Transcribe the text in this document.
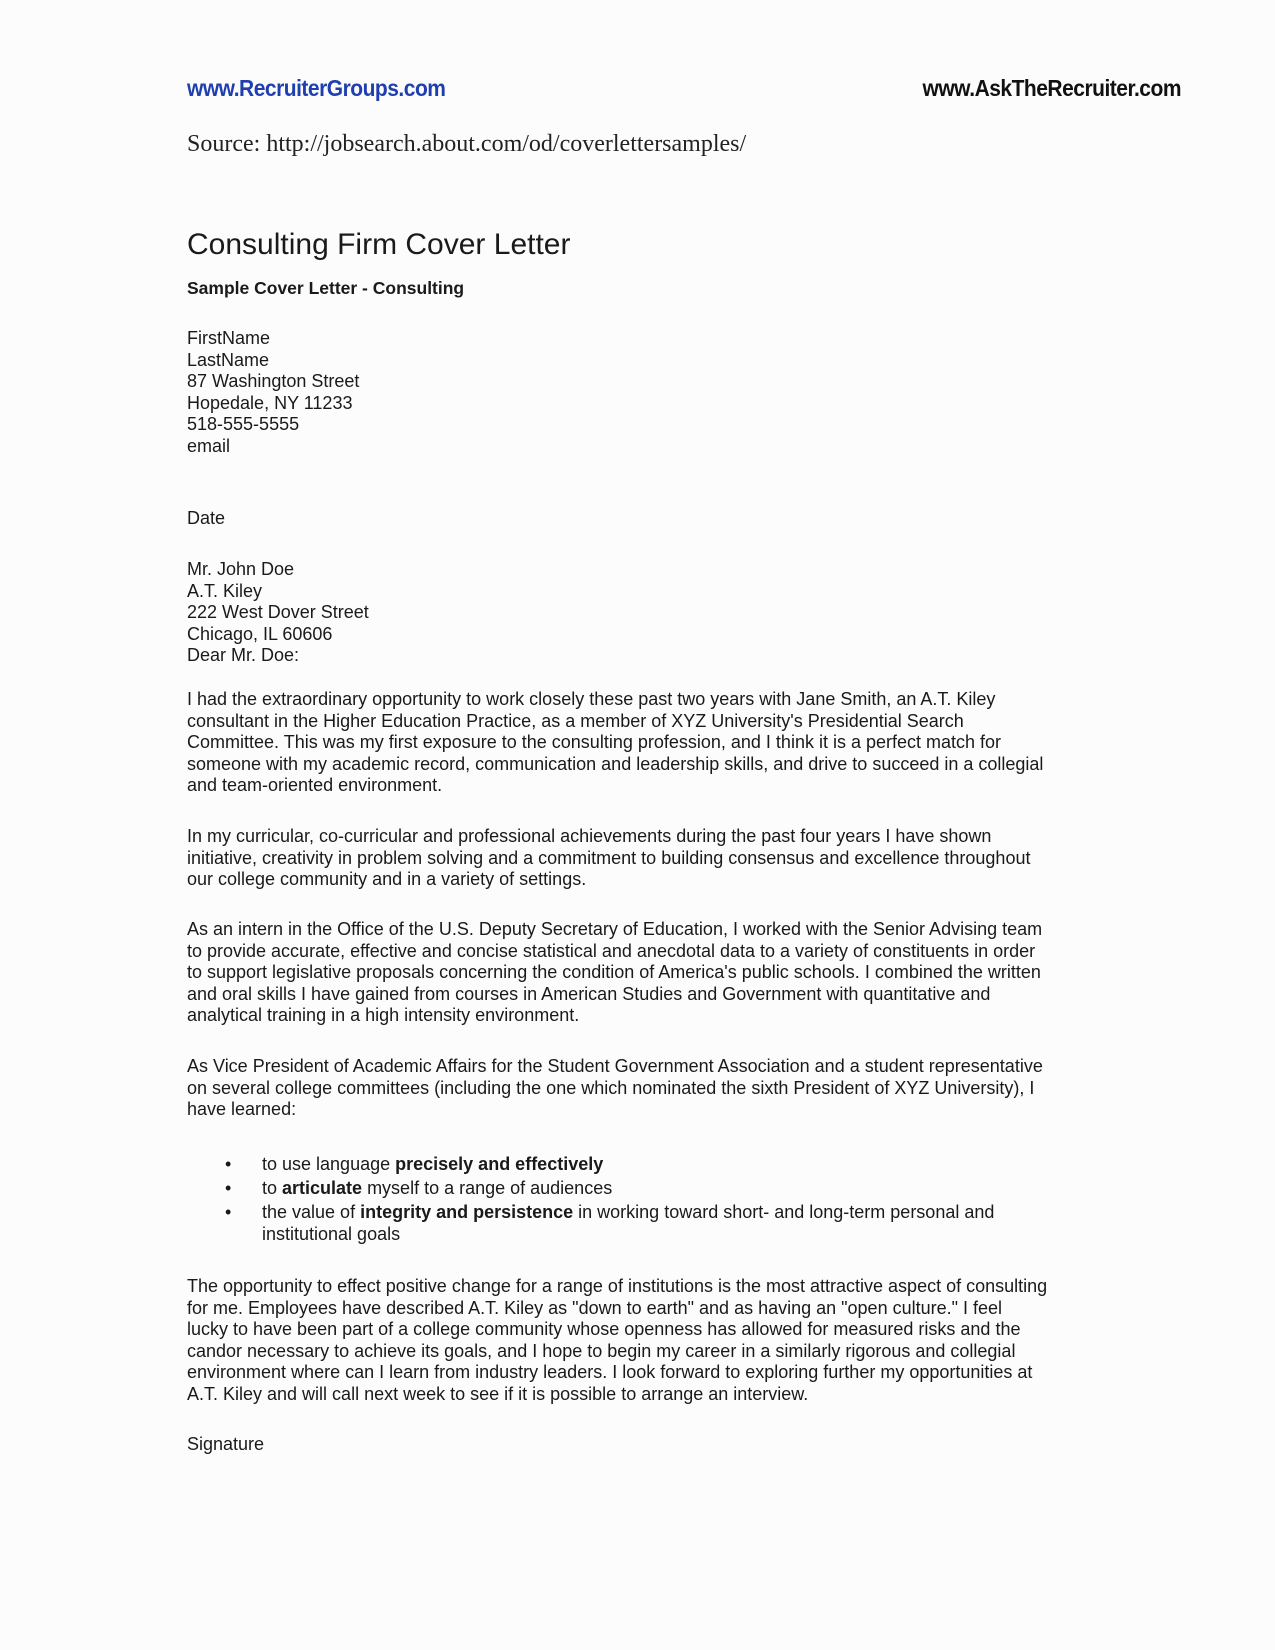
www.RecruiterGroups.com	www.AskTheRecruiter.com
Source: http://jobsearch.about.com/od/coverlettersamples/
Consulting Firm Cover Letter
Sample Cover Letter - Consulting
FirstName
LastName
87 Washington Street
Hopedale, NY 11233
518-555-5555
email
Date
Mr. John Doe
A.T. Kiley
222 West Dover Street
Chicago, IL 60606
Dear Mr. Doe:
I had the extraordinary opportunity to work closely these past two years with Jane Smith, an A.T. Kiley
consultant in the Higher Education Practice, as a member of XYZ University's Presidential Search
Committee. This was my first exposure to the consulting profession, and I think it is a perfect match for
someone with my academic record, communication and leadership skills, and drive to succeed in a collegial
and team-oriented environment.
In my curricular, co-curricular and professional achievements during the past four years I have shown
initiative, creativity in problem solving and a commitment to building consensus and excellence throughout
our college community and in a variety of settings.
As an intern in the Office of the U.S. Deputy Secretary of Education, I worked with the Senior Advising team
to provide accurate, effective and concise statistical and anecdotal data to a variety of constituents in order
to support legislative proposals concerning the condition of America's public schools. I combined the written
and oral skills I have gained from courses in American Studies and Government with quantitative and
analytical training in a high intensity environment.
As Vice President of Academic Affairs for the Student Government Association and a student representative
on several college committees (including the one which nominated the sixth President of XYZ University), I
have learned:
• to use language precisely and effectively
• to articulate myself to a range of audiences
• the value of integrity and persistence in working toward short- and long-term personal and
institutional goals
The opportunity to effect positive change for a range of institutions is the most attractive aspect of consulting
for me. Employees have described A.T. Kiley as "down to earth" and as having an "open culture." I feel
lucky to have been part of a college community whose openness has allowed for measured risks and the
candor necessary to achieve its goals, and I hope to begin my career in a similarly rigorous and collegial
environment where can I learn from industry leaders. I look forward to exploring further my opportunities at
A.T. Kiley and will call next week to see if it is possible to arrange an interview.
Signature
